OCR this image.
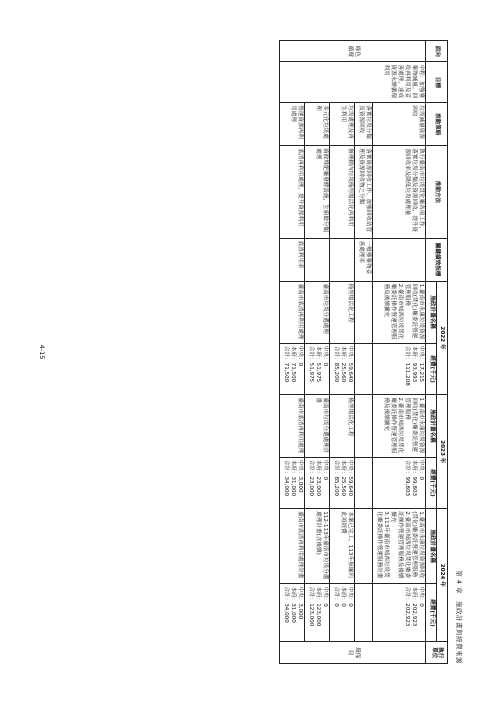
第 4 章　施政計畫與經費來源
面向	目標	推動策略	推動方法	關鍵績效指標	2022 年		2023 年		2024 年		執行單位
					施政計畫名稱	經費(千元)	施政計畫名稱	經費(千元)	施政計畫名稱	經費(千元)	
綠色循環	中程：加強廢棄物減量、回收再利用及妥善處理，達成資源永續循環利用	垃圾減量資源回收	執行臺南市垃圾焚化廠各項工作，落實垃圾分類及資源回收，提升資源回收率及降低垃圾處理量		1.臺南市永康垃圾資源回收(焚化)廠委託營運管理服務
2.臺南市城西垃圾焚化廠委託操作營運管理服務及後續擴充	中央：17,215
本府：93,993
合計：111,208	1.臺南市永康垃圾資源回收(焚化)廠委託營運管理服務
2.臺南市城西垃圾焚化廠委託操作營運管理服務及後續擴充	中央：0
本府：99,803
合計：99,803	1.臺南市永康垃圾資源回收(焚化)廠委託營運管理服務
2.臺南市城西垃圾焚化廠委託操作營運管理服務及後續擴充
3.113年臺南市城西垃圾焚化廠委託操作營運服務計畫	中央：0
本府：202,923
合計：202,923	環保局
		落實垃圾分類及資源回收	落實資源回收工作，加強回收站管理及資源回收物之分類	一般廢棄物妥善處理率							
		垃圾處理及再生利用	辦理轄內垃圾掩埋場活化再利用		掩埋場活化工程	中央：59,640
本府：25,560
合計：85,200	掩埋場活化工程	中央：59,640
本府：25,560
合計：85,200	本案已完工，113年無編列此項經費	中央：0
本府：0
合計：0	
		多元化垃圾處理	廚餘堆肥廠發酵設施，生廚餘分類處理		臺南市垃圾分選處理	中央：0
本府：51,975
合計：51,975	臺南市垃圾分選處理計畫	中央：0
本府：23,000
合計：23,000	112-113年臺南市垃圾分選處理計畫(含後續)	中央：0
本府：123,000
合計：123,000	
		營運資源再利用處理	底渣再利用處理，提升資源利用	底渣利用率	臺南市底渣再利用處理	中央：0
本府：71,500
合計：71,500	臺南市底渣再利用處理	中央：3,000
本府：31,000
合計：34,000	臺南市底渣再利用處理計畫	中央：3,000
本府：31,000
合計：34,000	
4-15
